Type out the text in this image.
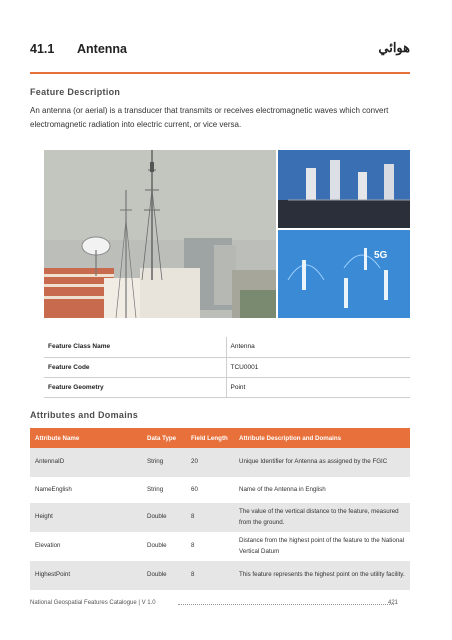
41.1 Antenna	هوائي
Feature Description

An antenna (or aerial) is a transducer that transmits or receives electromagnetic waves which convert electromagnetic radiation into electric current, or vice versa.

5G
Feature Class Name	Antenna
Feature Code	TCU0001
Feature Geometry	Point
Attributes and Domains
Attribute Name	Data Type	Field Length	Attribute Description and Domains
AntennaID	String	20	Unique Identifier for Antenna as assigned by the FGIC
NameEnglish	String	60	Name of the Antenna in English
Height	Double	8	The value of the vertical distance to the feature, measured from the ground.
Elevation	Double	8	Distance from the highest point of the feature to the National Vertical Datum
HighestPoint	Double	8	This feature represents the highest point on the utility facility.
National Geospatial Features Catalogue | V 1.0	421
